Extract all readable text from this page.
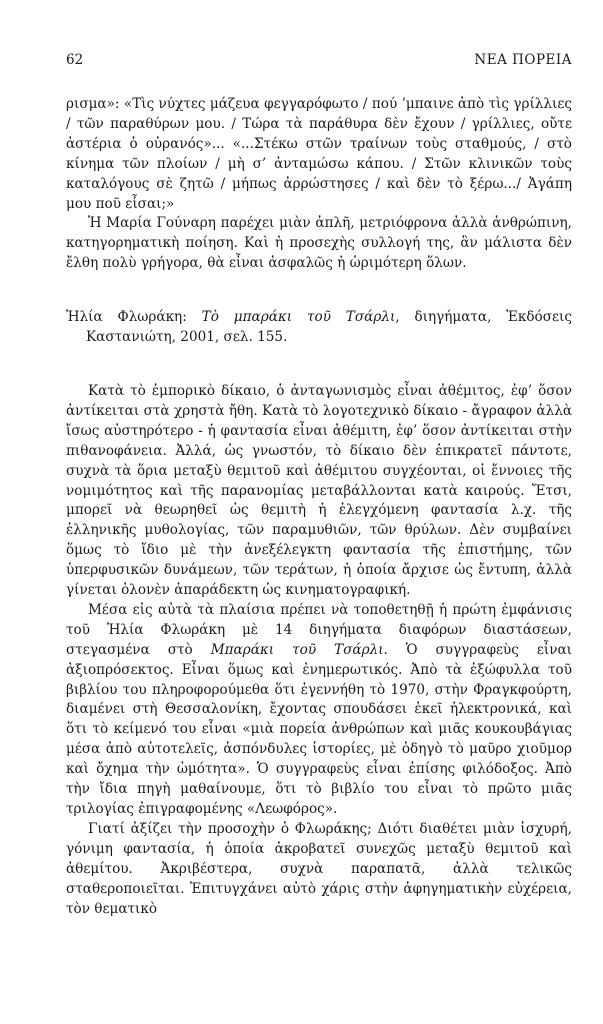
62	ΝΕΑ ΠΟΡΕΙΑ

ρισμα»: «Τὶς νύχτες μάζευα φεγγαρόφωτο / πού ’μπαινε ἀπὸ τὶς γρίλλιες / τῶν παραθύρων μου. / Τώρα τὰ παράθυρα δὲν ἔχουν / γρίλλιες, οὔτε ἀστέρια ὁ οὐρανός»... «...Στέκω στῶν τραίνων τοὺς σταθμούς, / στὸ κίνημα τῶν πλοίων / μὴ σ’ ἀνταμώσω κάπου. / Στῶν κλινικῶν τοὺς καταλόγους σὲ ζητῶ / μήπως ἀρρώστησες / καὶ δὲν τὸ ξέρω.../ Ἀγάπη μου ποῦ εἶσαι;»

Ἡ Μαρία Γούναρη παρέχει μιὰν ἁπλῆ, μετριόφρονα ἀλλὰ ἀνθρώπινη, κατηγορηματικὴ ποίηση. Καὶ ἡ προσεχὴς συλλογή της, ἂν μάλιστα δὲν ἔλθη πολὺ γρήγορα, θὰ εἶναι ἀσφαλῶς ἡ ὡριμότερη ὅλων.

Ἠλία Φλωράκη: Τὸ μπαράκι τοῦ Τσάρλι, διηγήματα, Ἐκδόσεις Καστανιώτη, 2001, σελ. 155.

Κατὰ τὸ ἐμπορικὸ δίκαιο, ὁ ἀνταγωνισμὸς εἶναι ἀθέμιτος, ἐφ’ ὅσον ἀντίκειται στὰ χρηστὰ ἤθη. Κατὰ τὸ λογοτεχνικὸ δίκαιο - ἄγραφον ἀλλὰ ἴσως αὐστηρότερο - ἡ φαντασία εἶναι ἀθέμιτη, ἐφ’ ὅσον ἀντίκειται στὴν πιθανοφάνεια. Ἀλλά, ὡς γνωστόν, τὸ δίκαιο δὲν ἐπικρατεῖ πάντοτε, συχνὰ τὰ ὅρια μεταξὺ θεμιτοῦ καὶ ἀθέμιτου συγχέονται, οἱ ἔννοιες τῆς νομιμότητος καὶ τῆς παρανομίας μεταβάλλονται κατὰ καιρούς. Ἔτσι, μπορεῖ νὰ θεωρηθεῖ ὡς θεμιτὴ ἡ ἐλεγχόμενη φαντασία λ.χ. τῆς ἑλληνικῆς μυθολογίας, τῶν παραμυθιῶν, τῶν θρύλων. Δὲν συμβαίνει ὅμως τὸ ἴδιο μὲ τὴν ἀνεξέλεγκτη φαντασία τῆς ἐπιστήμης, τῶν ὑπερφυσικῶν δυνάμεων, τῶν τεράτων, ἡ ὁποία ἄρχισε ὡς ἔντυπη, ἀλλὰ γίνεται ὁλονὲν ἀπαράδεκτη ὡς κινηματογραφική.

Μέσα εἰς αὐτὰ τὰ πλαίσια πρέπει νὰ τοποθετηθῇ ἡ πρώτη ἐμφάνισις τοῦ Ἠλία Φλωράκη μὲ 14 διηγήματα διαφόρων διαστάσεων, στεγασμένα στὸ Μπαράκι τοῦ Τσάρλι. Ὁ συγγραφεὺς εἶναι ἀξιοπρόσεκτος. Εἶναι ὅμως καὶ ἐνημερωτικός. Ἀπὸ τὰ ἐξώφυλλα τοῦ βιβλίου του πληροφορούμεθα ὅτι ἐγεννήθη τὸ 1970, στὴν Φραγκφούρτη, διαμένει στὴ Θεσσαλονίκη, ἔχοντας σπουδάσει ἐκεῖ ἠλεκτρονικά, καὶ ὅτι τὸ κείμενό του εἶναι «μιὰ πορεία ἀνθρώπων καὶ μιᾶς κουκουβάγιας μέσα ἀπὸ αὐτοτελεῖς, ἀσπόνδυλες ἱστορίες, μὲ ὁδηγὸ τὸ μαῦρο χιοῦμορ καὶ ὄχημα τὴν ὠμότητα». Ὁ συγγραφεὺς εἶναι ἐπίσης φιλόδοξος. Ἀπὸ τὴν ἴδια πηγὴ μαθαίνουμε, ὅτι τὸ βιβλίο του εἶναι τὸ πρῶτο μιᾶς τριλογίας ἐπιγραφομένης «Λεωφόρος».

Γιατί ἀξίζει τὴν προσοχὴν ὁ Φλωράκης; Διότι διαθέτει μιὰν ἰσχυρή, γόνιμη φαντασία, ἡ ὁποία ἀκροβατεῖ συνεχῶς μεταξὺ θεμιτοῦ καὶ ἀθεμίτου. Ἀκριβέστερα, συχνὰ παραπατᾶ, ἀλλὰ τελικῶς σταθεροποιεῖται. Ἐπιτυγχάνει αὐτὸ χάρις στὴν ἀφηγηματικὴν εὐχέρεια, τὸν θεματικὸ
